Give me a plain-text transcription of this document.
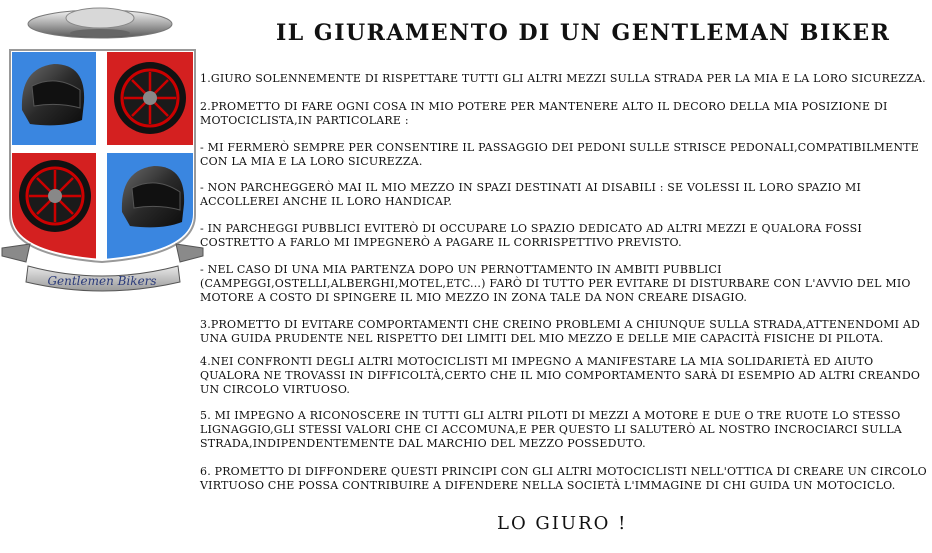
Gentlemen Bikers
IL GIURAMENTO DI UN GENTLEMAN BIKER

1.GIURO SOLENNEMENTE DI RISPETTARE TUTTI GLI ALTRI MEZZI SULLA STRADA PER LA MIA E LA LORO SICUREZZA.

2.PROMETTO DI FARE OGNI COSA IN MIO POTERE PER MANTENERE ALTO IL DECORO DELLA MIA POSIZIONE DI MOTOCICLISTA,IN PARTICOLARE :

- MI FERMERÒ SEMPRE PER CONSENTIRE IL PASSAGGIO DEI PEDONI SULLE STRISCE PEDONALI,COMPATIBILMENTE CON LA MIA E LA LORO SICUREZZA.

- NON PARCHEGGERÒ MAI IL MIO MEZZO IN SPAZI DESTINATI AI DISABILI : SE VOLESSI IL LORO SPAZIO MI ACCOLLEREI ANCHE IL LORO HANDICAP.

- IN PARCHEGGI PUBBLICI EVITERÒ DI OCCUPARE LO SPAZIO DEDICATO AD ALTRI MEZZI E QUALORA FOSSI COSTRETTO A FARLO MI IMPEGNERÒ A PAGARE IL CORRISPETTIVO PREVISTO.

- NEL CASO DI UNA MIA PARTENZA DOPO UN PERNOTTAMENTO IN AMBITI PUBBLICI (CAMPEGGI,OSTELLI,ALBERGHI,MOTEL,ETC...) FARÒ DI TUTTO PER EVITARE DI DISTURBARE CON L'AVVIO DEL MIO MOTORE A COSTO DI SPINGERE IL MIO MEZZO IN ZONA TALE DA NON CREARE DISAGIO.

3.PROMETTO DI EVITARE COMPORTAMENTI CHE CREINO PROBLEMI A CHIUNQUE SULLA STRADA,ATTENENDOMI AD UNA GUIDA PRUDENTE NEL RISPETTO DEI LIMITI DEL MIO MEZZO E DELLE MIE CAPACITÀ FISICHE DI PILOTA.

4.NEI CONFRONTI DEGLI ALTRI MOTOCICLISTI MI IMPEGNO A MANIFESTARE LA MIA SOLIDARIETÀ ED AIUTO QUALORA NE TROVASSI IN DIFFICOLTÀ,CERTO CHE IL MIO COMPORTAMENTO SARÀ DI ESEMPIO AD ALTRI CREANDO UN CIRCOLO VIRTUOSO.

5. MI IMPEGNO A RICONOSCERE IN TUTTI GLI ALTRI PILOTI DI MEZZI A MOTORE E DUE O TRE RUOTE LO STESSO LIGNAGGIO,GLI STESSI VALORI CHE CI ACCOMUNA,E PER QUESTO LI SALUTERÒ AL NOSTRO INCROCIARCI SULLA STRADA,INDIPENDENTEMENTE DAL MARCHIO DEL MEZZO POSSEDUTO.

6. PROMETTO DI DIFFONDERE QUESTI PRINCIPI CON GLI ALTRI MOTOCICLISTI NELL'OTTICA DI CREARE UN CIRCOLO VIRTUOSO CHE POSSA CONTRIBUIRE A DIFENDERE NELLA SOCIETÀ L'IMMAGINE DI CHI GUIDA UN MOTOCICLO.

LO GIURO !
